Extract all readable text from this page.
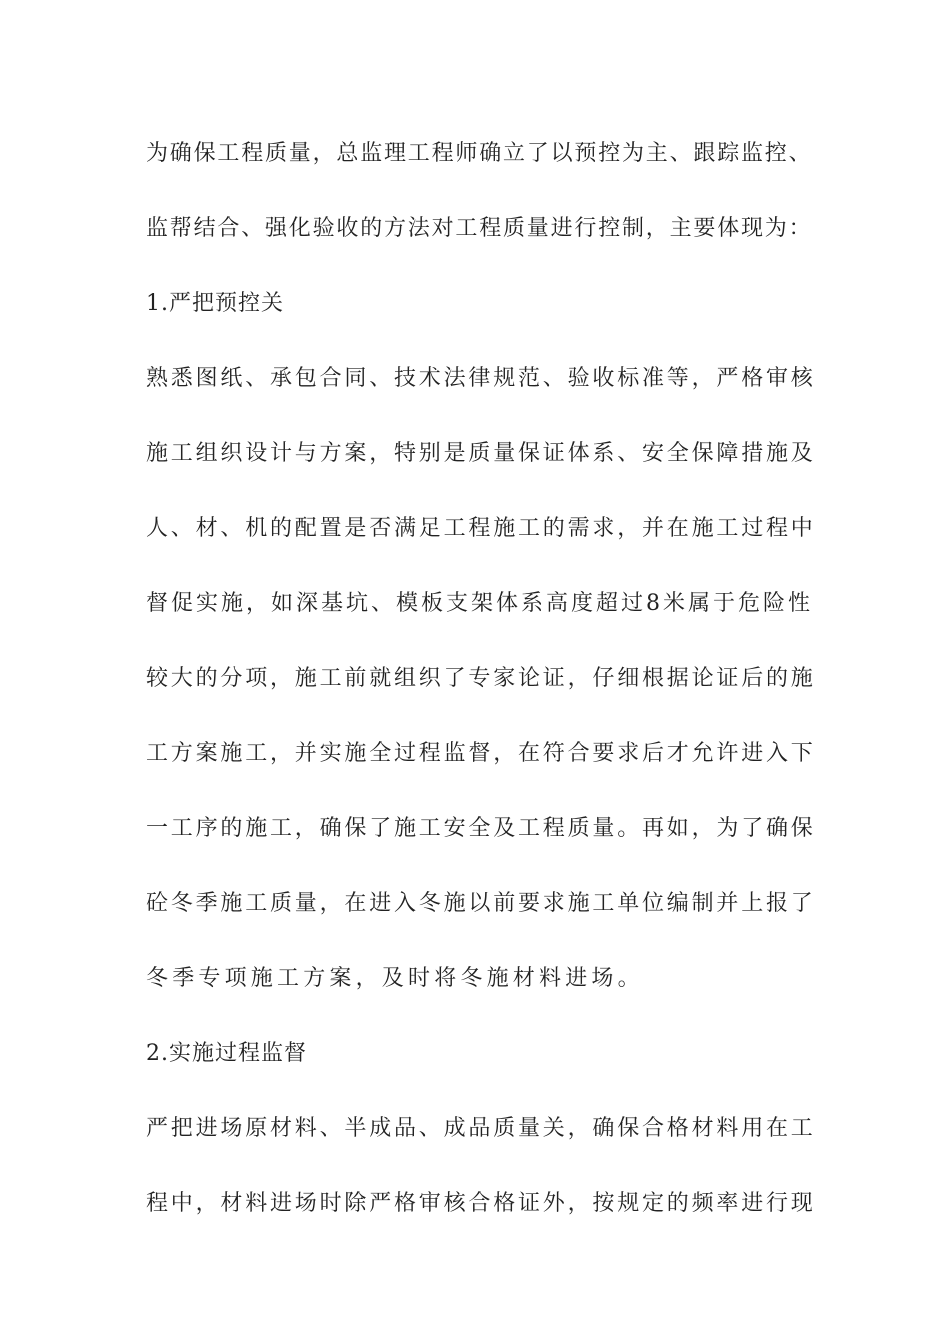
为确保工程质量，总监理工程师确立了以预控为主、跟踪监控、
监帮结合、强化验收的方法对工程质量进行控制，主要体现为：
1.严把预控关
熟悉图纸、承包合同、技术法律规范、验收标准等，严格审核
施工组织设计与方案，特别是质量保证体系、安全保障措施及
人、材、机的配置是否满足工程施工的需求，并在施工过程中
督促实施，如深基坑、模板支架体系高度超过8米属于危险性
较大的分项，施工前就组织了专家论证，仔细根据论证后的施
工方案施工，并实施全过程监督，在符合要求后才允许进入下
一工序的施工，确保了施工安全及工程质量。再如，为了确保
砼冬季施工质量，在进入冬施以前要求施工单位编制并上报了
冬季专项施工方案，及时将冬施材料进场。
2.实施过程监督
严把进场原材料、半成品、成品质量关，确保合格材料用在工
程中，材料进场时除严格审核合格证外，按规定的频率进行现
